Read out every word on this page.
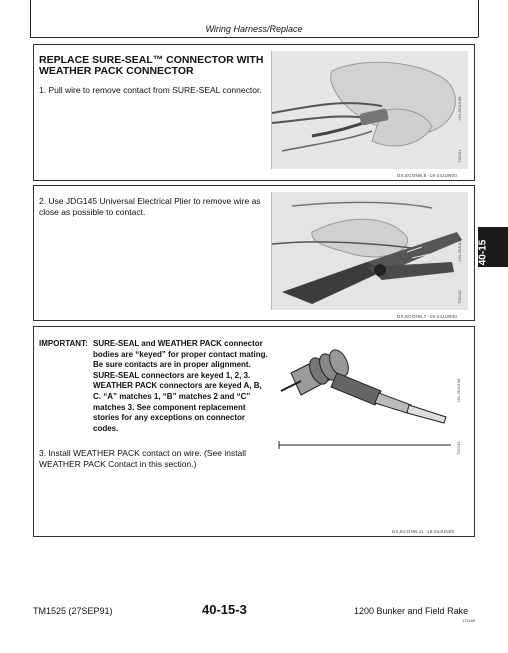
Wiring Harness/Replace
REPLACE SURE-SEAL™ CONNECTOR WITH WEATHER PACK CONNECTOR
1. Pull wire to remove contact from SURE-SEAL connector.
-UN-29JUL98
T92131
DX,ECONN,5 -19-24JUN00
2. Use JDG145 Universal Electrical Plier to remove wire as close as possible to contact.
-UN-29JUL98
T92132
DX,ECONN,7 -19-24JUN00
40-15
IMPORTANT: SURE-SEAL and WEATHER PACK connector bodies are “keyed” for proper contact mating. Be sure contacts are in proper alignment. SURE-SEAL connectors are keyed 1, 2, 3. WEATHER PACK connectors are keyed A, B, C. “A” matches 1, “B” matches 2 and “C” matches 3. See component replacement stories for any exceptions on connector codes.
3. Install WEATHER PACK contact on wire. (See install WEATHER PACK Contact in this section.)
-UN-29JUL98
T92133
DX,ECONN,11 -19-24JUN00
TM1525 (27SEP91)	40-15-3	1200 Bunker and Field Rake
171189
